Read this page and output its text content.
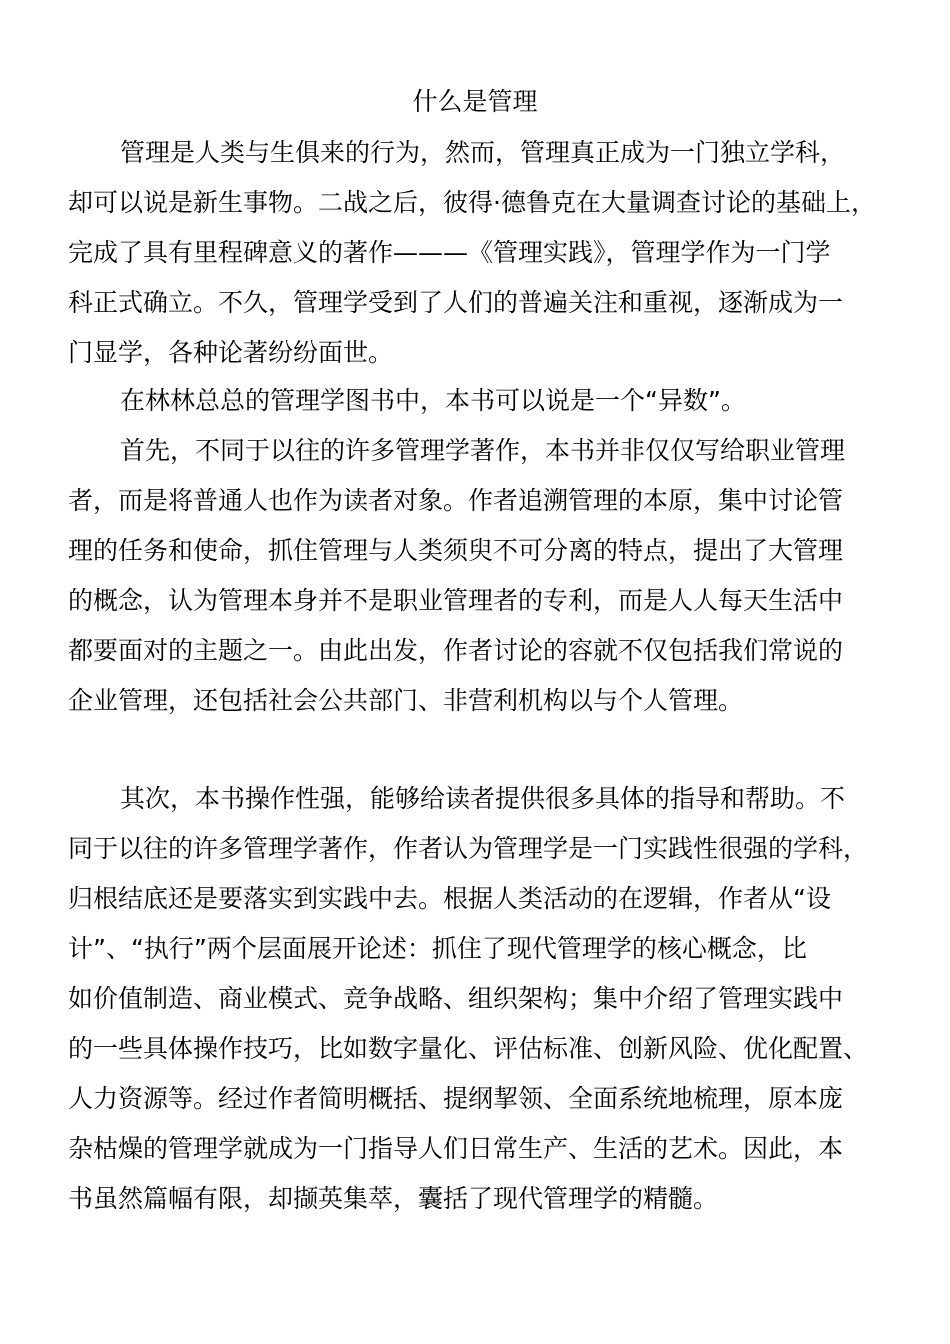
什么是管理
管理是人类与生俱来的行为，然而，管理真正成为一门独立学科，
却可以说是新生事物。二战之后，彼得·德鲁克在大量调查讨论的基础上，
完成了具有里程碑意义的著作———《管理实践》，管理学作为一门学
科正式确立。不久，管理学受到了人们的普遍关注和重视，逐渐成为一
门显学，各种论著纷纷面世。
在林林总总的管理学图书中，本书可以说是一个“异数”。
首先，不同于以往的许多管理学著作，本书并非仅仅写给职业管理
者，而是将普通人也作为读者对象。作者追溯管理的本原，集中讨论管
理的任务和使命，抓住管理与人类须臾不可分离的特点，提出了大管理
的概念，认为管理本身并不是职业管理者的专利，而是人人每天生活中
都要面对的主题之一。由此出发，作者讨论的容就不仅包括我们常说的
企业管理，还包括社会公共部门、非营利机构以与个人管理。
其次，本书操作性强，能够给读者提供很多具体的指导和帮助。不
同于以往的许多管理学著作，作者认为管理学是一门实践性很强的学科，
归根结底还是要落实到实践中去。根据人类活动的在逻辑，作者从“设
计”、“执行”两个层面展开论述：抓住了现代管理学的核心概念，比
如价值制造、商业模式、竞争战略、组织架构；集中介绍了管理实践中
的一些具体操作技巧，比如数字量化、评估标准、创新风险、优化配置、
人力资源等。经过作者简明概括、提纲挈领、全面系统地梳理，原本庞
杂枯燥的管理学就成为一门指导人们日常生产、生活的艺术。因此，本
书虽然篇幅有限，却撷英集萃，囊括了现代管理学的精髓。
